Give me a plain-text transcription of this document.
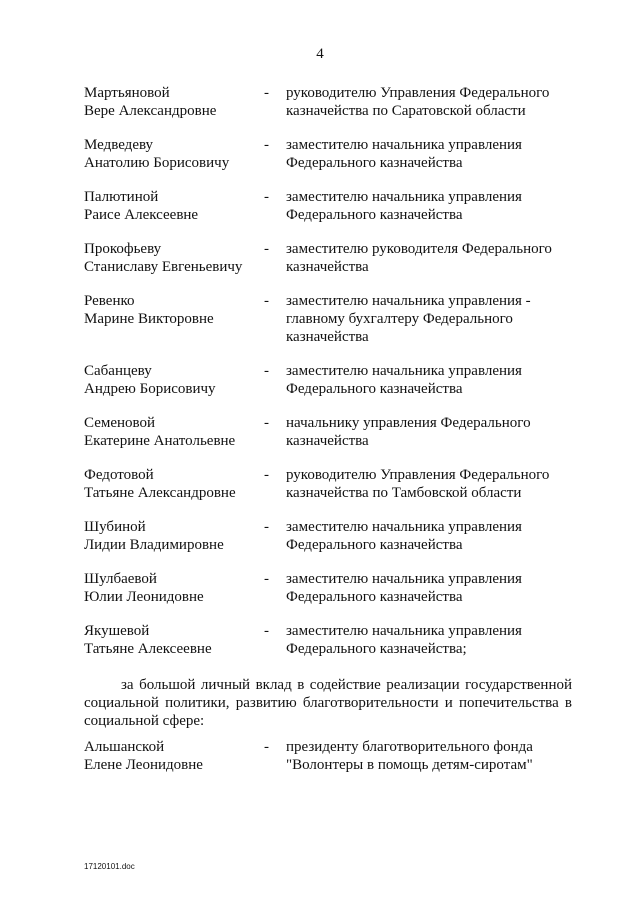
4
Мартьяновой
Вере Александровне
- руководителю Управления Федерального
казначейства по Саратовской области
Медведеву
Анатолию Борисовичу
- заместителю начальника управления
Федерального казначейства
Палютиной
Раисе Алексеевне
- заместителю начальника управления
Федерального казначейства
Прокофьеву
Станиславу Евгеньевичу
- заместителю руководителя Федерального
казначейства
Ревенко
Марине Викторовне
- заместителю начальника управления -
главному бухгалтеру Федерального
казначейства
Сабанцеву
Андрею Борисовичу
- заместителю начальника управления
Федерального казначейства
Семеновой
Екатерине Анатольевне
- начальнику управления Федерального
казначейства
Федотовой
Татьяне Александровне
- руководителю Управления Федерального
казначейства по Тамбовской области
Шубиной
Лидии Владимировне
- заместителю начальника управления
Федерального казначейства
Шулбаевой
Юлии Леонидовне
- заместителю начальника управления
Федерального казначейства
Якушевой
Татьяне Алексеевне
- заместителю начальника управления
Федерального казначейства;
за большой личный вклад в содействие реализации государственной социальной политики, развитию благотворительности и попечительства в социальной сфере:
Альшанской
Елене Леонидовне
- президенту благотворительного фонда
"Волонтеры в помощь детям-сиротам"
17120101.doc
